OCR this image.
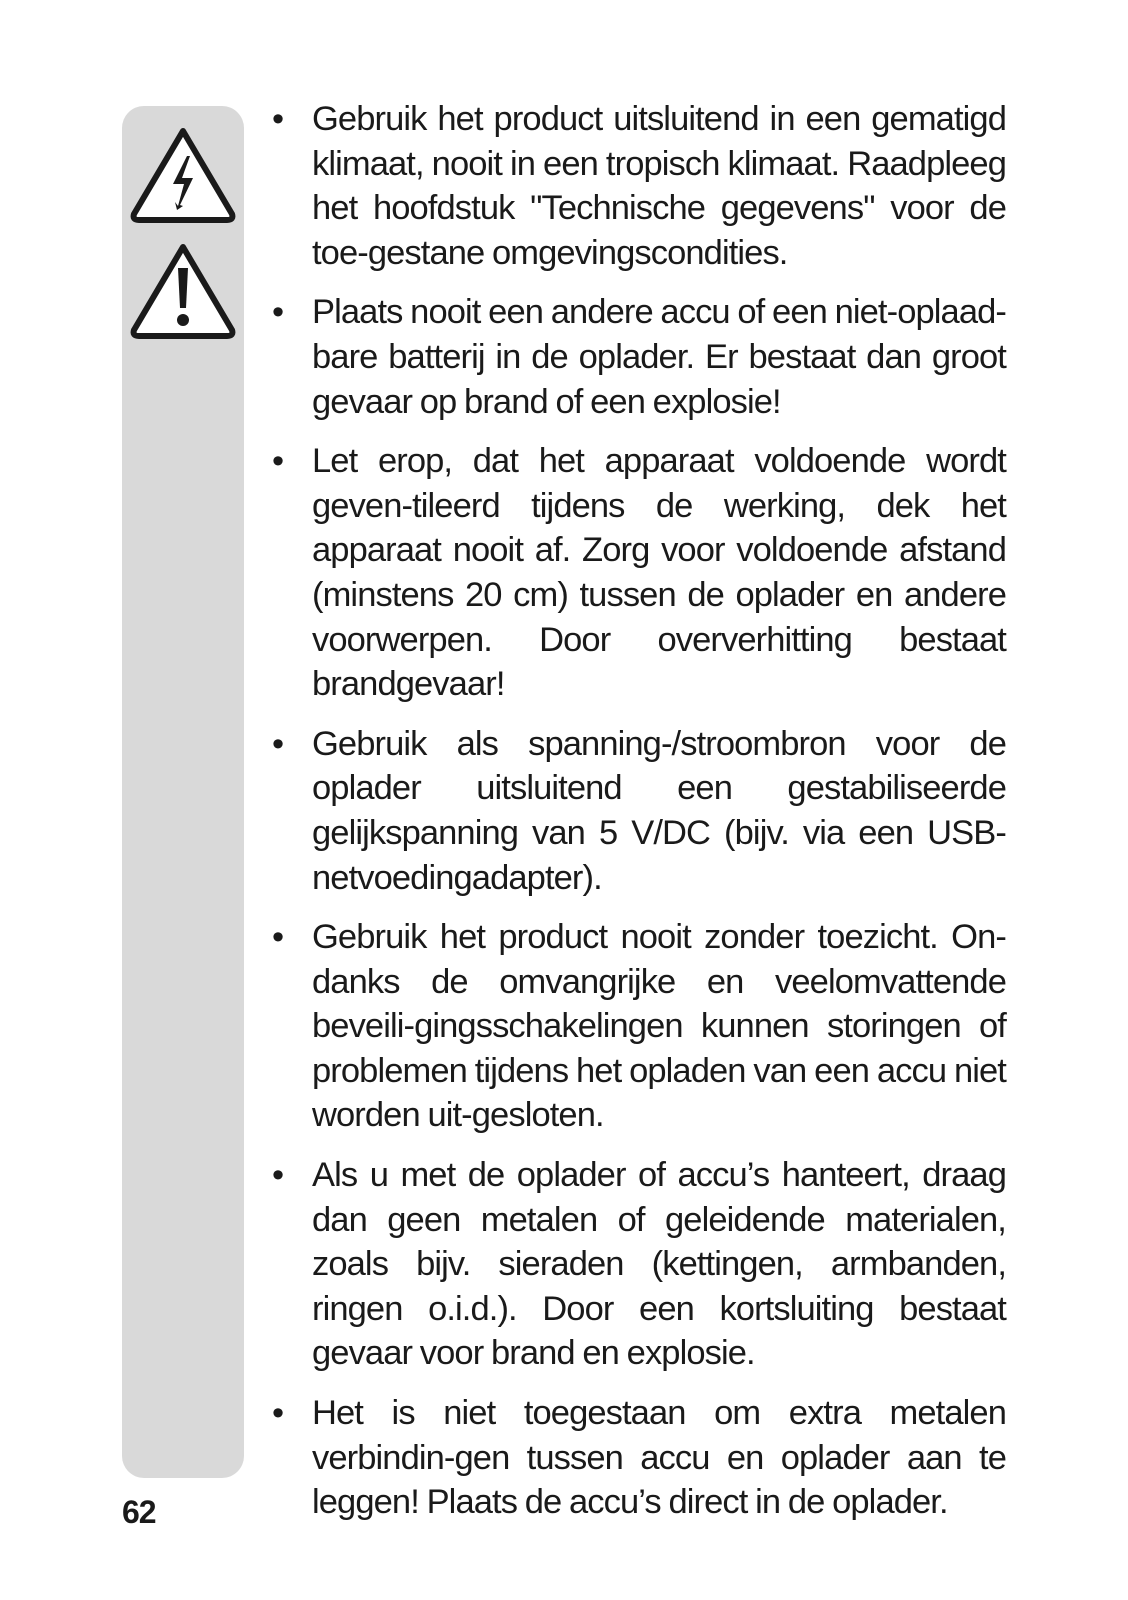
• Gebruik het product uitsluitend in een gematigd klimaat, nooit in een tropisch klimaat. Raadpleeg het hoofdstuk "Technische gegevens" voor de toe-gestane omgevingscondities.
• Plaats nooit een andere accu of een niet-oplaad-bare batterij in de oplader. Er bestaat dan groot gevaar op brand of een explosie!
• Let erop, dat het apparaat voldoende wordt geven-tileerd tijdens de werking, dek het apparaat nooit af. Zorg voor voldoende afstand (minstens 20 cm) tussen de oplader en andere voorwerpen. Door oververhitting bestaat brandgevaar!
• Gebruik als spanning-/stroombron voor de oplader uitsluitend een gestabiliseerde gelijkspanning van 5 V/DC (bijv. via een USB-netvoedingadapter).
• Gebruik het product nooit zonder toezicht. On-danks de omvangrijke en veelomvattende beveili-gingsschakelingen kunnen storingen of problemen tijdens het opladen van een accu niet worden uit-gesloten.
• Als u met de oplader of accu’s hanteert, draag dan geen metalen of geleidende materialen, zoals bijv. sieraden (kettingen, armbanden, ringen o.i.d.). Door een kortsluiting bestaat gevaar voor brand en explosie.
• Het is niet toegestaan om extra metalen verbindin-gen tussen accu en oplader aan te leggen! Plaats de accu’s direct in de oplader.
62
